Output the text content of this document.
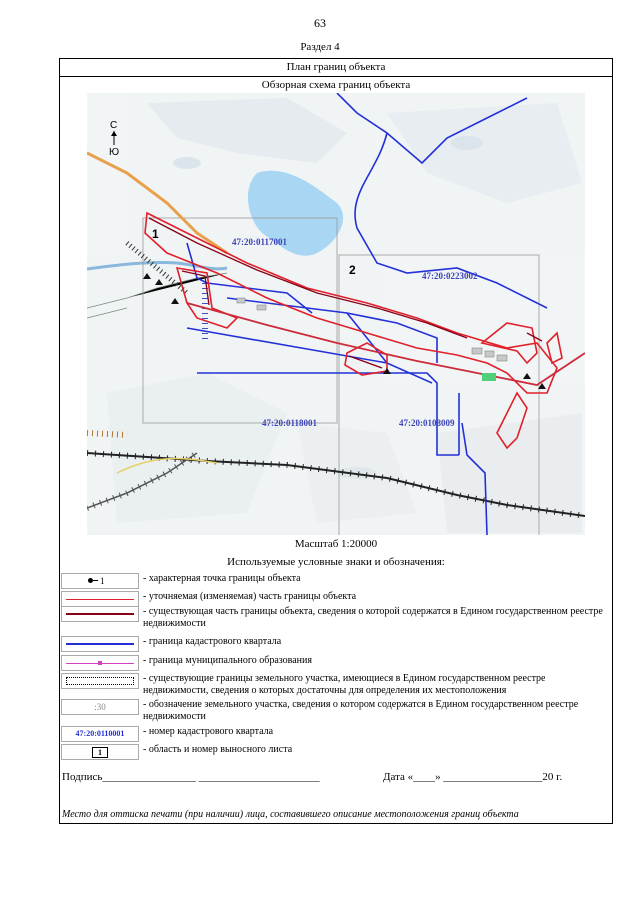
63
Раздел 4
План границ объекта
Обзорная схема границ объекта
С
Ю
1
2
47:20:0117001
47:20:0223002
47:20:0118001	47:20:0108009
Масштаб 1:20000
Используемые условные знаки и обозначения:
1	- характерная точка границы объекта
- уточняемая (изменяемая) часть границы объекта
- существующая часть границы объекта, сведения о которой содержатся в Едином государственном реестре недвижимости
- граница кадастрового квартала
- граница муниципального образования
- существующие границы земельного участка, имеющиеся в Едином государственном реестре недвижимости, сведения о которых достаточны для определения их местоположения
:30	- обозначение земельного участка, сведения о котором содержатся в Едином государственном реестре недвижимости
47:20:0110001	- номер кадастрового квартала
1	- область и номер выносного листа
Подпись_________________ ______________________	Дата «____» __________________20 г.
Место для оттиска печати (при наличии) лица, составившего описание местоположения границ объекта
